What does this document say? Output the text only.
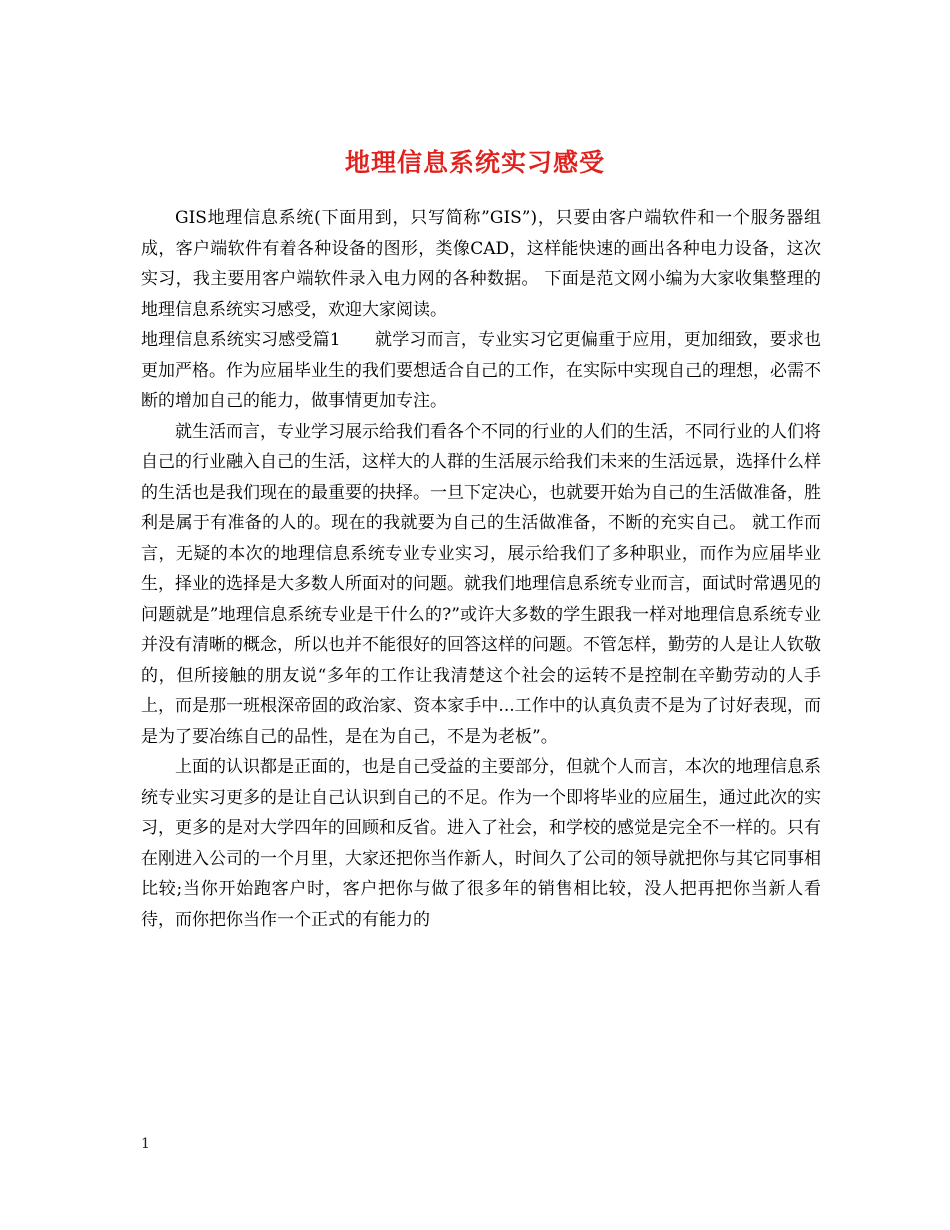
地理信息系统实习感受

GIS地理信息系统(下面用到，只写简称”GIS”)，只要由客户端软件和一个服务器组成，客户端软件有着各种设备的图形，类像CAD，这样能快速的画出各种电力设备，这次实习，我主要用客户端软件录入电力网的各种数据。 下面是范文网小编为大家收集整理的地理信息系统实习感受，欢迎大家阅读。

地理信息系统实习感受篇1　　就学习而言，专业实习它更偏重于应用，更加细致，要求也更加严格。作为应届毕业生的我们要想适合自己的工作，在实际中实现自己的理想，必需不断的增加自己的能力，做事情更加专注。

就生活而言，专业学习展示给我们看各个不同的行业的人们的生活，不同行业的人们将自己的行业融入自己的生活，这样大的人群的生活展示给我们未来的生活远景，选择什么样的生活也是我们现在的最重要的抉择。一旦下定决心，也就要开始为自己的生活做准备，胜利是属于有准备的人的。现在的我就要为自己的生活做准备，不断的充实自己。 就工作而言，无疑的本次的地理信息系统专业专业实习，展示给我们了多种职业，而作为应届毕业生，择业的选择是大多数人所面对的问题。就我们地理信息系统专业而言，面试时常遇见的问题就是”地理信息系统专业是干什么的?”或许大多数的学生跟我一样对地理信息系统专业并没有清晰的概念，所以也并不能很好的回答这样的问题。不管怎样，勤劳的人是让人钦敬的，但所接触的朋友说“多年的工作让我清楚这个社会的运转不是控制在辛勤劳动的人手上，而是那一班根深帝固的政治家、资本家手中...工作中的认真负责不是为了讨好表现，而是为了要冶练自己的品性，是在为自己，不是为老板”。

上面的认识都是正面的，也是自己受益的主要部分，但就个人而言，本次的地理信息系统专业实习更多的是让自己认识到自己的不足。作为一个即将毕业的应届生，通过此次的实习，更多的是对大学四年的回顾和反省。进入了社会，和学校的感觉是完全不一样的。只有在刚进入公司的一个月里，大家还把你当作新人，时间久了公司的领导就把你与其它同事相比较;当你开始跑客户时，客户把你与做了很多年的销售相比较，没人把再把你当新人看待，而你把你当作一个正式的有能力的

1
